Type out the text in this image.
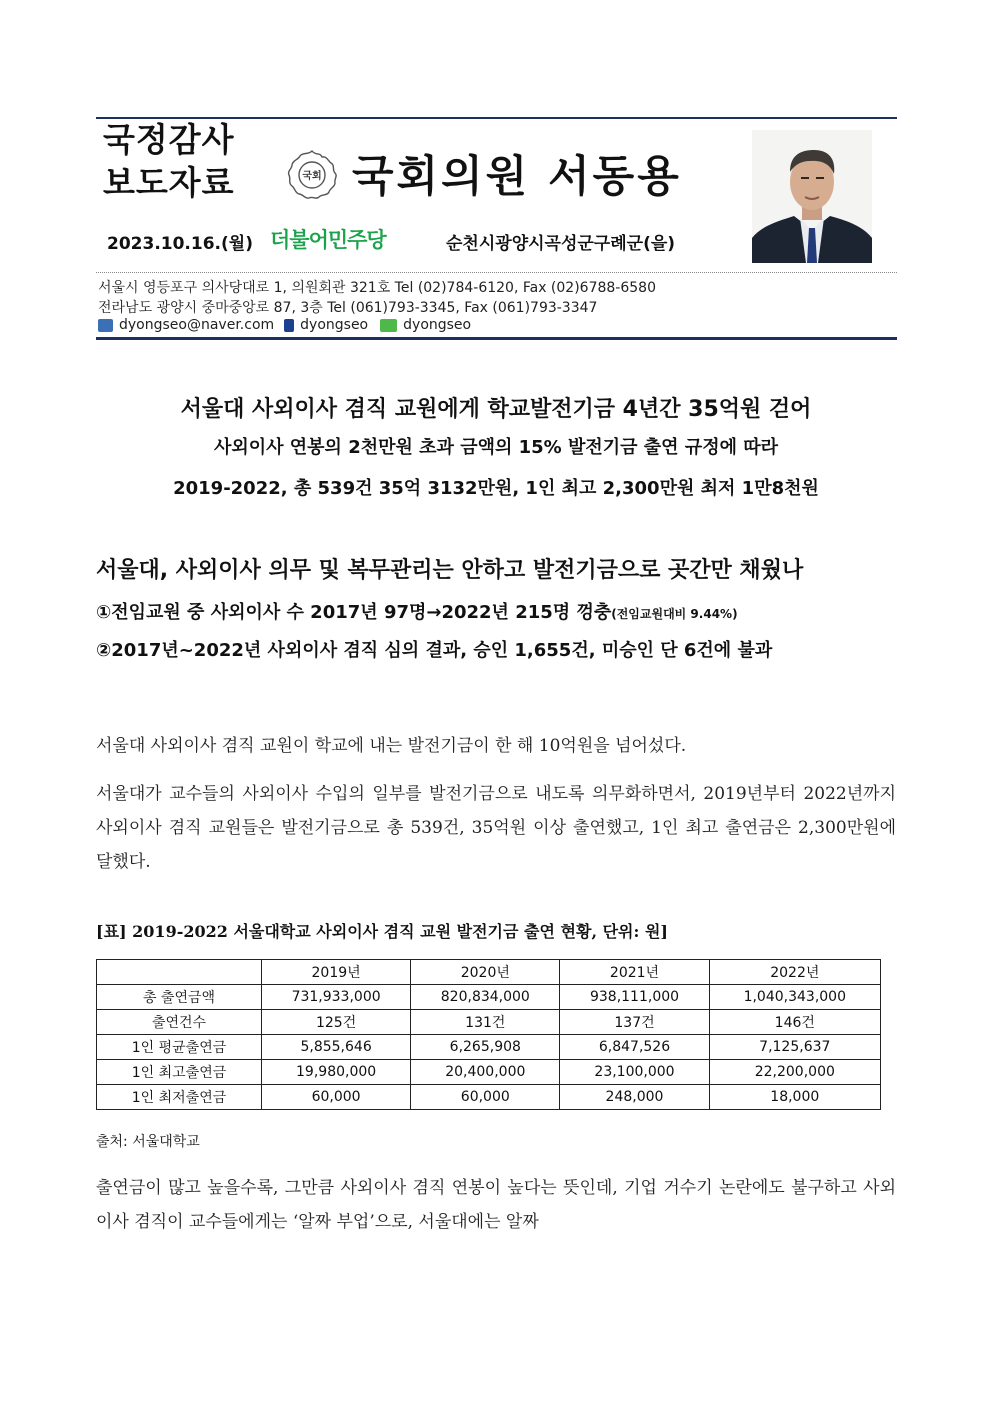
국정감사
보도자료	국회 국회의원 서동용
2023.10.16.(월) 더불어민주당	순천시광양시곡성군구례군(을)
서울시 영등포구 의사당대로 1, 의원회관 321호 Tel (02)784-6120, Fax (02)6788-6580
전라남도 광양시 중마중앙로 87, 3층 Tel (061)793-3345, Fax (061)793-3347
dyongseo@naver.com dyongseo	dyongseo
서울대 사외이사 겸직 교원에게 학교발전기금 4년간 35억원 걷어
사외이사 연봉의 2천만원 초과 금액의 15% 발전기금 출연 규정에 따라
2019-2022, 총 539건 35억 3132만원, 1인 최고 2,300만원 최저 1만8천원
서울대, 사외이사 의무 및 복무관리는 안하고 발전기금으로 곳간만 채웠나
①전임교원 중 사외이사 수 2017년 97명→2022년 215명 껑충(전임교원대비 9.44%)
②2017년~2022년 사외이사 겸직 심의 결과, 승인 1,655건, 미승인 단 6건에 불과
서울대 사외이사 겸직 교원이 학교에 내는 발전기금이 한 해 10억원을 넘어섰다.
서울대가 교수들의 사외이사 수입의 일부를 발전기금으로 내도록 의무화하면서, 2019년부터 2022년까지 사외이사 겸직 교원들은 발전기금으로 총 539건, 35억원 이상 출연했고, 1인 최고 출연금은 2,300만원에 달했다.
[표] 2019-2022 서울대학교 사외이사 겸직 교원 발전기금 출연 현황, 단위: 원]
	2019년	2020년	2021년	2022년
총 출연금액	731,933,000	820,834,000	938,111,000	1,040,343,000
출연건수	125건	131건	137건	146건
1인 평균출연금	5,855,646	6,265,908	6,847,526	7,125,637
1인 최고출연금	19,980,000	20,400,000	23,100,000	22,200,000
1인 최저출연금	60,000	60,000	248,000	18,000
출처: 서울대학교
출연금이 많고 높을수록, 그만큼 사외이사 겸직 연봉이 높다는 뜻인데, 기업 거수기 논란에도 불구하고 사외이사 겸직이 교수들에게는 ‘알짜 부업’으로, 서울대에는 알짜
